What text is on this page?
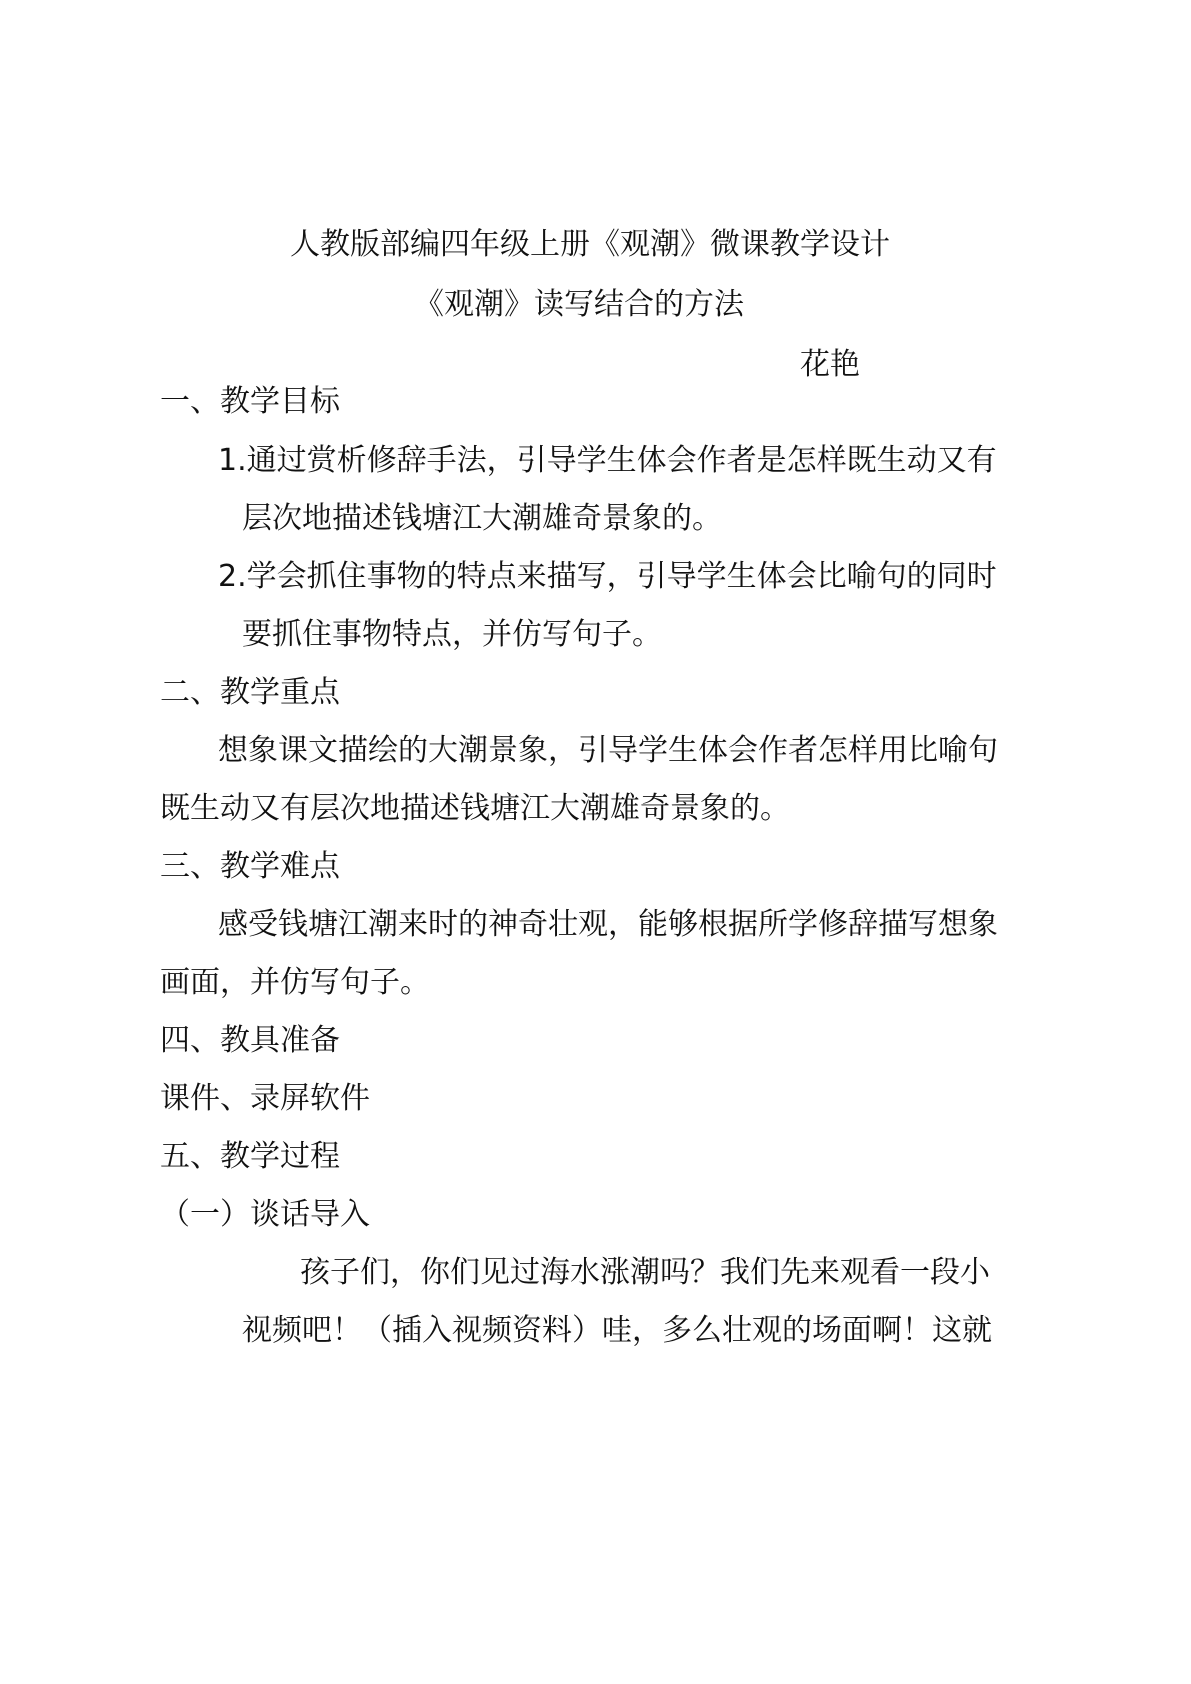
人教版部编四年级上册《观潮》微课教学设计
《观潮》读写结合的方法
花艳
一、教学目标
1.通过赏析修辞手法，引导学生体会作者是怎样既生动又有
层次地描述钱塘江大潮雄奇景象的。
2.学会抓住事物的特点来描写，引导学生体会比喻句的同时
要抓住事物特点，并仿写句子。
二、教学重点
想象课文描绘的大潮景象，引导学生体会作者怎样用比喻句
既生动又有层次地描述钱塘江大潮雄奇景象的。
三、教学难点
感受钱塘江潮来时的神奇壮观，能够根据所学修辞描写想象
画面，并仿写句子。
四、教具准备
课件、录屏软件
五、教学过程
（一）谈话导入
孩子们，你们见过海水涨潮吗？我们先来观看一段小
视频吧！（插入视频资料）哇，多么壮观的场面啊！这就
